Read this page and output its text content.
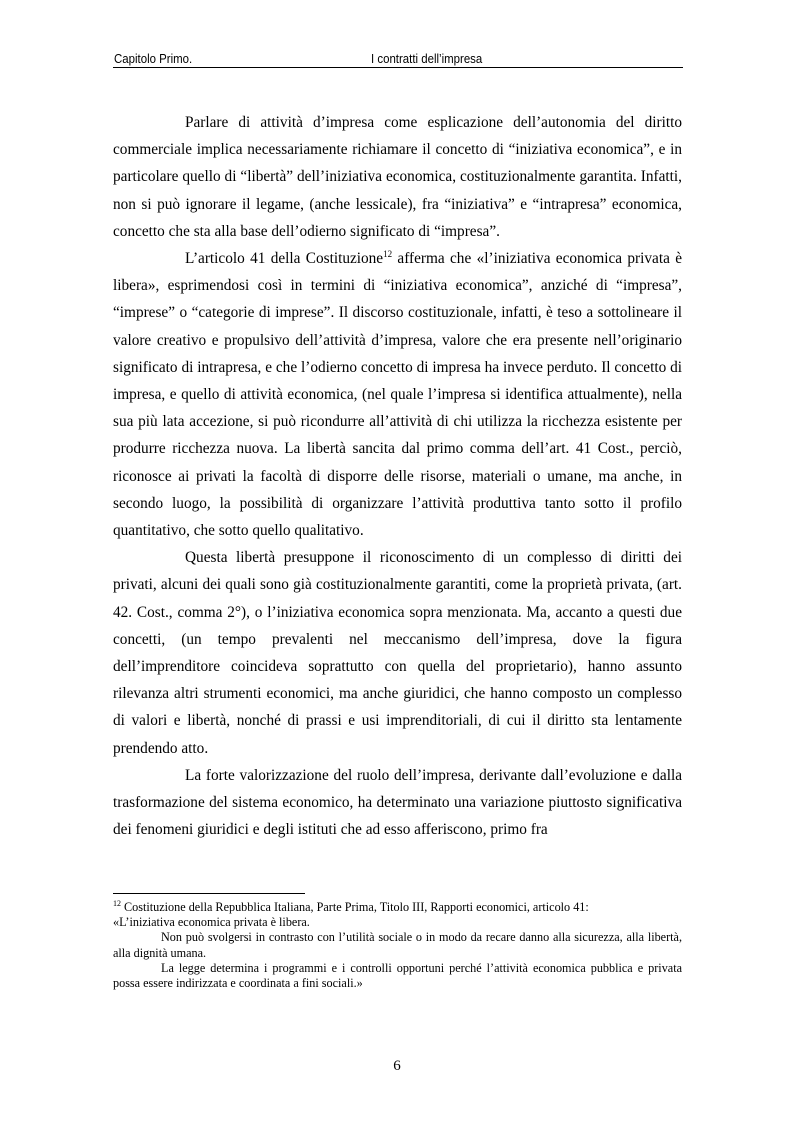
Capitolo Primo.	I contratti dell’impresa

Parlare di attività d’impresa come esplicazione dell’autonomia del diritto commerciale implica necessariamente richiamare il concetto di “iniziativa economica”, e in particolare quello di “libertà” dell’iniziativa economica, costituzionalmente garantita. Infatti, non si può ignorare il legame, (anche lessicale), fra “iniziativa” e “intrapresa” economica, concetto che sta alla base dell’odierno significato di “impresa”.

L’articolo 41 della Costituzione$^{12}$ afferma che «l’iniziativa economica privata è libera», esprimendosi così in termini di “iniziativa economica”, anziché di “impresa”, “imprese” o “categorie di imprese”. Il discorso costituzionale, infatti, è teso a sottolineare il valore creativo e propulsivo dell’attività d’impresa, valore che era presente nell’originario significato di intrapresa, e che l’odierno concetto di impresa ha invece perduto. Il concetto di impresa, e quello di attività economica, (nel quale l’impresa si identifica attualmente), nella sua più lata accezione, si può ricondurre all’attività di chi utilizza la ricchezza esistente per produrre ricchezza nuova. La libertà sancita dal primo comma dell’art. 41 Cost., perciò, riconosce ai privati la facoltà di disporre delle risorse, materiali o umane, ma anche, in secondo luogo, la possibilità di organizzare l’attività produttiva tanto sotto il profilo quantitativo, che sotto quello qualitativo.

Questa libertà presuppone il riconoscimento di un complesso di diritti dei privati, alcuni dei quali sono già costituzionalmente garantiti, come la proprietà privata, (art. 42. Cost., comma 2°), o l’iniziativa economica sopra menzionata. Ma, accanto a questi due concetti, (un tempo prevalenti nel meccanismo dell’impresa, dove la figura dell’imprenditore coincideva soprattutto con quella del proprietario), hanno assunto rilevanza altri strumenti economici, ma anche giuridici, che hanno composto un complesso di valori e libertà, nonché di prassi e usi imprenditoriali, di cui il diritto sta lentamente prendendo atto.

La forte valorizzazione del ruolo dell’impresa, derivante dall’evoluzione e dalla trasformazione del sistema economico, ha determinato una variazione piuttosto significativa dei fenomeni giuridici e degli istituti che ad esso afferiscono, primo fra

$^{12}$ Costituzione della Repubblica Italiana, Parte Prima, Titolo III, Rapporti economici, articolo 41:

«L’iniziativa economica privata è libera.

Non può svolgersi in contrasto con l’utilità sociale o in modo da recare danno alla sicurezza, alla libertà, alla dignità umana.

La legge determina i programmi e i controlli opportuni perché l’attività economica pubblica e privata possa essere indirizzata e coordinata a fini sociali.»

6
